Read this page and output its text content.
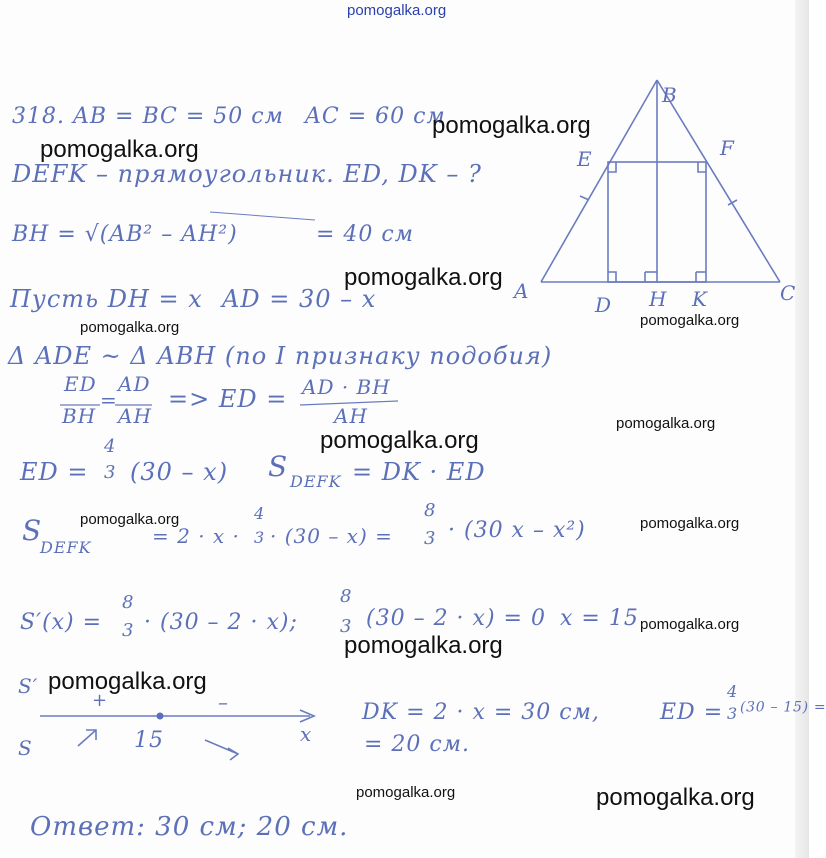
B
E	F
A
D H K	C
318. AB = BC = 50 см AC = 60 см
DEFK – прямоугольник. ED, DK – ?
BH = √(AB² – AH²)	= 40 см
Пусть DH = x AD = 30 – x
Δ ADE ~ Δ ABH (по I признаку подобия)
ED
BH
=
AD
AH
=> ED = AD · BH
AH
ED =
4
3 (30 – x) S DEFK = DK · ED
S
DEFK	= 2 · x ·
4
3 · (30 – x) =
8
3 · (30 x – x²)
S′(x) =
8
3 · (30 – 2 · x);
8
3 (30 – 2 · x) = 0 x = 15
S′
S
+	–
x
15
DK = 2 · x = 30 см,	ED =
4
3
= 20 см.
(30 – 15) =
Ответ: 30 см; 20 см.
pomogalka.org
pomogalka.org
pomogalka.org
pomogalka.org
pomogalka.org	pomogalka.org
pomogalka.org
pomogalka.org
pomogalka.org	pomogalka.org
pomogalka.org
pomogalka.org
pomogalka.org
pomogalka.org	pomogalka.org
